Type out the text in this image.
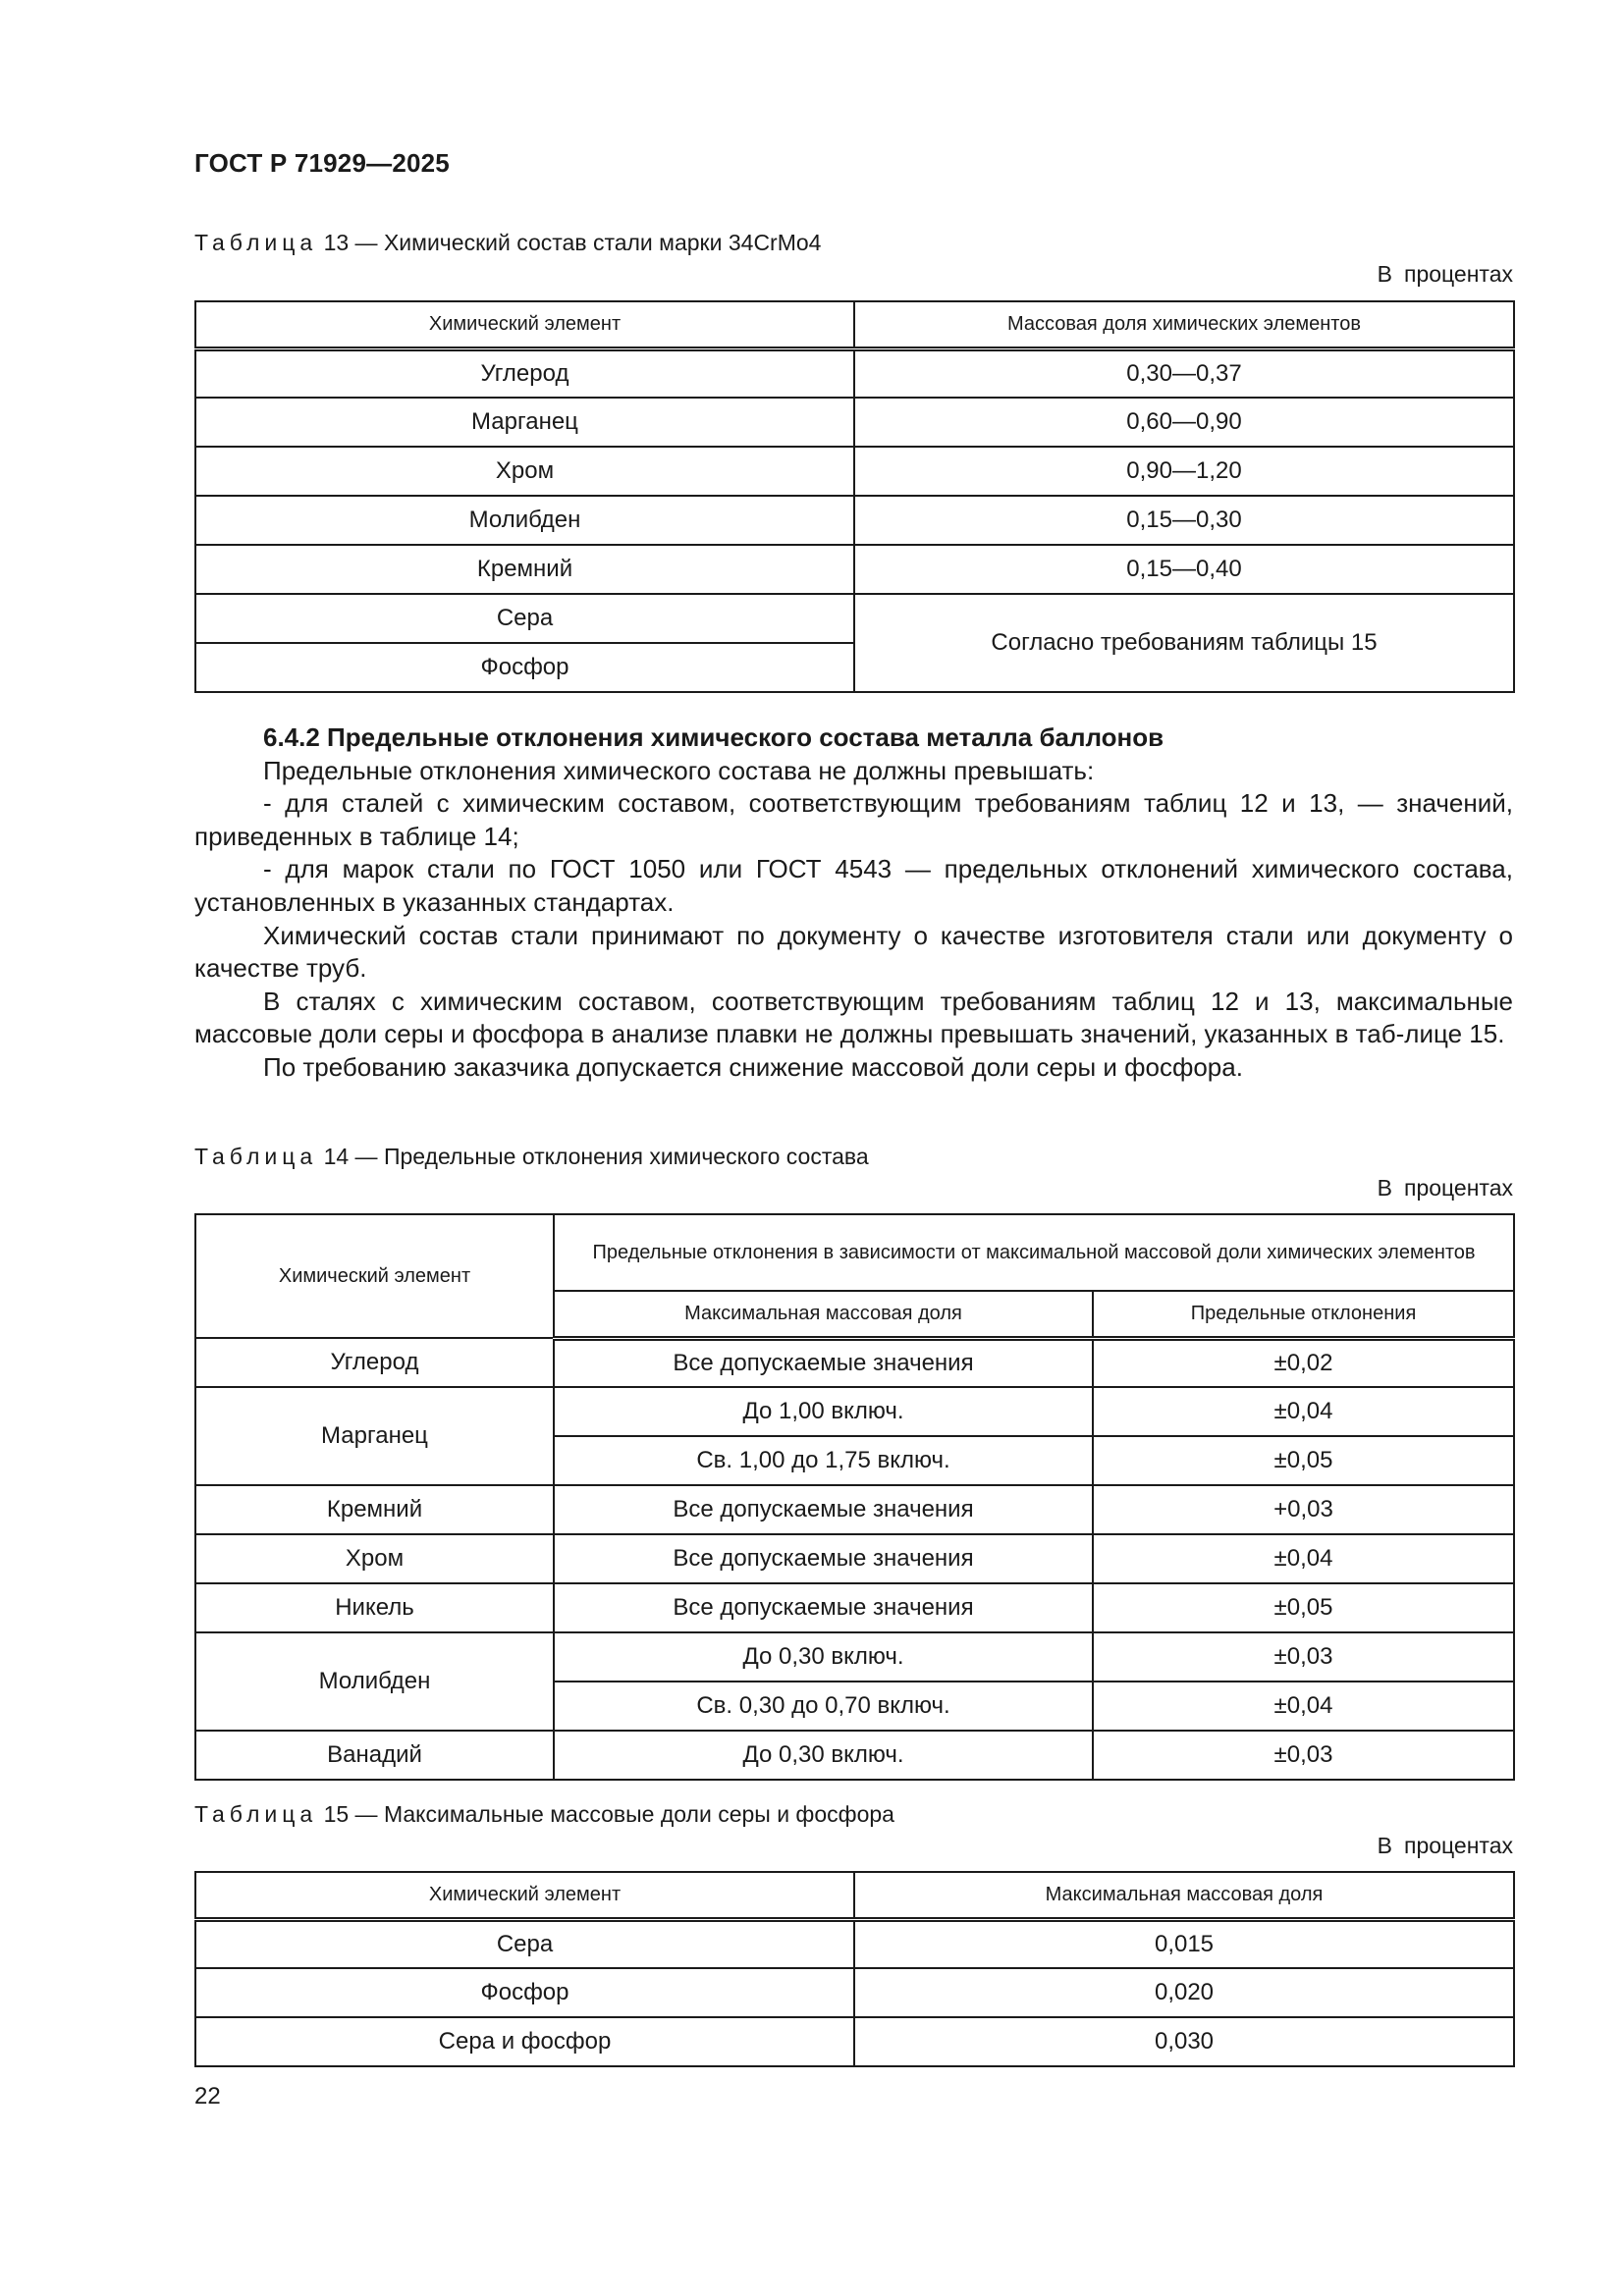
ГОСТ Р 71929—2025
Таблица 13 — Химический состав стали марки 34CrMo4
В процентах
Химический элемент	Массовая доля химических элементов
Углерод	0,30—0,37
Марганец	0,60—0,90
Хром	0,90—1,20
Молибден	0,15—0,30
Кремний	0,15—0,40
Сера	Согласно требованиям таблицы 15
Фосфор	

6.4.2 Предельные отклонения химического состава металла баллонов

Предельные отклонения химического состава не должны превышать:

- для сталей с химическим составом, соответствующим требованиям таблиц 12 и 13, — значений, приведенных в таблице 14;

- для марок стали по ГОСТ 1050 или ГОСТ 4543 — предельных отклонений химического состава, установленных в указанных стандартах.

Химический состав стали принимают по документу о качестве изготовителя стали или документу о качестве труб.

В сталях с химическим составом, соответствующим требованиям таблиц 12 и 13, максимальные массовые доли серы и фосфора в анализе плавки не должны превышать значений, указанных в таб-лице 15.

По требованию заказчика допускается снижение массовой доли серы и фосфора.

Таблица 14 — Предельные отклонения химического состава
В процентах
Химический элемент	Предельные отклонения в зависимости от максимальной массовой доли химических элементов	
	Максимальная массовая доля	Предельные отклонения
Углерод	Все допускаемые значения	±0,02
Марганец	До 1,00 включ.	±0,04
	Св. 1,00 до 1,75 включ.	±0,05
Кремний	Все допускаемые значения	+0,03
Хром	Все допускаемые значения	±0,04
Никель	Все допускаемые значения	±0,05
Молибден	До 0,30 включ.	±0,03
	Св. 0,30 до 0,70 включ.	±0,04
Ванадий	До 0,30 включ.	±0,03
Таблица 15 — Максимальные массовые доли серы и фосфора
В процентах
Химический элемент	Максимальная массовая доля
Сера	0,015
Фосфор	0,020
Сера и фосфор	0,030
22
